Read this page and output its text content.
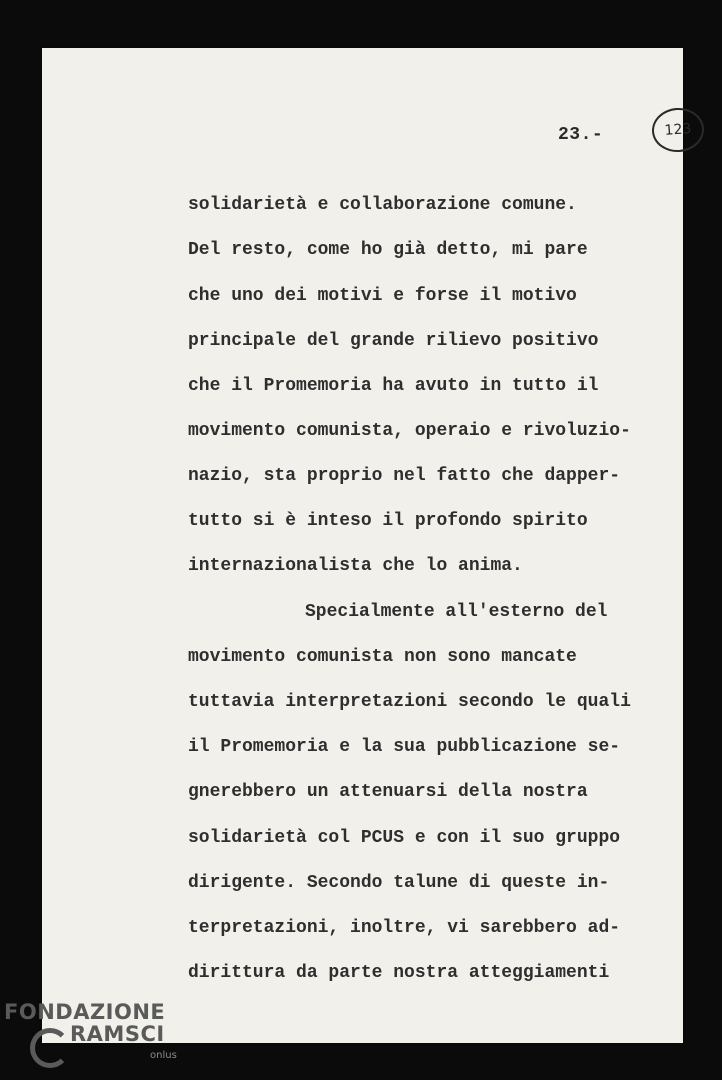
123
23.-
solidarietà e collaborazione comune.
Del resto, come ho già detto, mi pare
che uno dei motivi e forse il motivo
principale del grande rilievo positivo
che il Promemoria ha avuto in tutto il
movimento comunista, operaio e rivoluzio-
nazio, sta proprio nel fatto che dapper-
tutto si è inteso il profondo spirito
internazionalista che lo anima.
Specialmente all'esterno del
movimento comunista non sono mancate
tuttavia interpretazioni secondo le quali
il Promemoria e la sua pubblicazione se-
gnerebbero un attenuarsi della nostra
solidarietà col PCUS e con il suo gruppo
dirigente. Secondo talune di queste in-
terpretazioni, inoltre, vi sarebbero ad-
dirittura da parte nostra atteggiamenti
FONDAZIONE
RAMSCI
onlus
